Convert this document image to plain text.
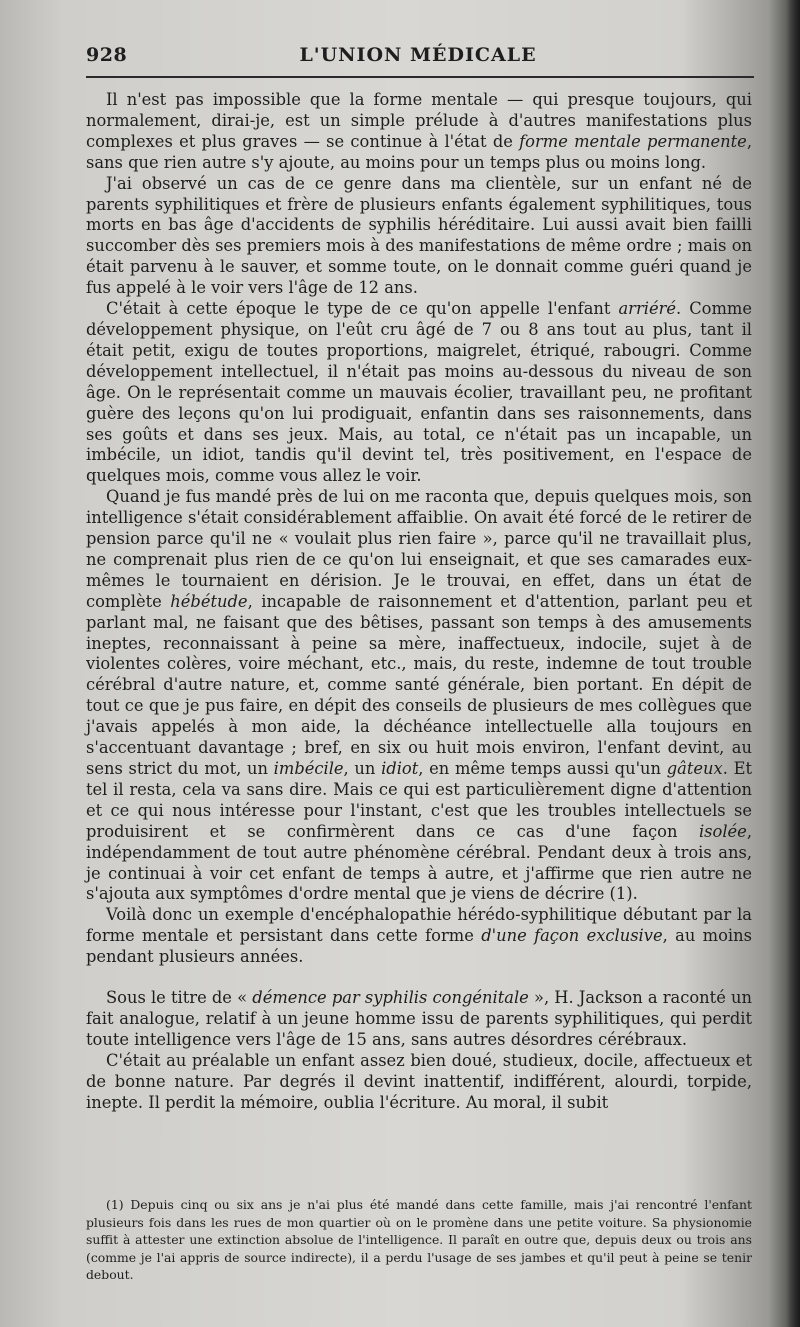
928	L'UNION MÉDICALE

Il n'est pas impossible que la forme mentale — qui presque toujours, qui normalement, dirai-je, est un simple prélude à d'autres manifestations plus complexes et plus graves — se continue à l'état de forme mentale permanente, sans que rien autre s'y ajoute, au moins pour un temps plus ou moins long.

J'ai observé un cas de ce genre dans ma clientèle, sur un enfant né de parents syphilitiques et frère de plusieurs enfants également syphilitiques, tous morts en bas âge d'accidents de syphilis héréditaire. Lui aussi avait bien failli succomber dès ses premiers mois à des manifestations de même ordre ; mais on était parvenu à le sauver, et somme toute, on le donnait comme guéri quand je fus appelé à le voir vers l'âge de 12 ans.

C'était à cette époque le type de ce qu'on appelle l'enfant arriéré. Comme développement physique, on l'eût cru âgé de 7 ou 8 ans tout au plus, tant il était petit, exigu de toutes proportions, maigrelet, étriqué, rabougri. Comme développement intellectuel, il n'était pas moins au-dessous du niveau de son âge. On le représentait comme un mauvais écolier, travaillant peu, ne profitant guère des leçons qu'on lui prodiguait, enfantin dans ses raisonnements, dans ses goûts et dans ses jeux. Mais, au total, ce n'était pas un incapable, un imbécile, un idiot, tandis qu'il devint tel, très positivement, en l'espace de quelques mois, comme vous allez le voir.

Quand je fus mandé près de lui on me raconta que, depuis quelques mois, son intelligence s'était considérablement affaiblie. On avait été forcé de le retirer de pension parce qu'il ne « voulait plus rien faire », parce qu'il ne travaillait plus, ne comprenait plus rien de ce qu'on lui enseignait, et que ses camarades eux-mêmes le tournaient en dérision. Je le trouvai, en effet, dans un état de complète hébétude, incapable de raisonnement et d'attention, parlant peu et parlant mal, ne faisant que des bêtises, passant son temps à des amusements ineptes, reconnaissant à peine sa mère, inaffectueux, indocile, sujet à de violentes colères, voire méchant, etc., mais, du reste, indemne de tout trouble cérébral d'autre nature, et, comme santé générale, bien portant. En dépit de tout ce que je pus faire, en dépit des conseils de plusieurs de mes collègues que j'avais appelés à mon aide, la déchéance intellectuelle alla toujours en s'accentuant davantage ; bref, en six ou huit mois environ, l'enfant devint, au sens strict du mot, un imbécile, un idiot, en même temps aussi qu'un gâteux. Et tel il resta, cela va sans dire. Mais ce qui est particulièrement digne d'attention et ce qui nous intéresse pour l'instant, c'est que les troubles intellectuels se produisirent et se confirmèrent dans ce cas d'une façon isolée, indépendamment de tout autre phénomène cérébral. Pendant deux à trois ans, je continuai à voir cet enfant de temps à autre, et j'affirme que rien autre ne s'ajouta aux symptômes d'ordre mental que je viens de décrire (1).

Voilà donc un exemple d'encéphalopathie hérédo-syphilitique débutant par la forme mentale et persistant dans cette forme d'une façon exclusive, au moins pendant plusieurs années.

Sous le titre de « démence par syphilis congénitale », H. Jackson a raconté un fait analogue, relatif à un jeune homme issu de parents syphilitiques, qui perdit toute intelligence vers l'âge de 15 ans, sans autres désordres cérébraux.

C'était au préalable un enfant assez bien doué, studieux, docile, affectueux et de bonne nature. Par degrés il devint inattentif, indifférent, alourdi, torpide, inepte. Il perdit la mémoire, oublia l'écriture. Au moral, il subit

(1) Depuis cinq ou six ans je n'ai plus été mandé dans cette famille, mais j'ai rencontré l'enfant plusieurs fois dans les rues de mon quartier où on le promène dans une petite voiture. Sa physionomie suffit à attester une extinction absolue de l'intelligence. Il paraît en outre que, depuis deux ou trois ans (comme je l'ai appris de source indirecte), il a perdu l'usage de ses jambes et qu'il peut à peine se tenir debout.
